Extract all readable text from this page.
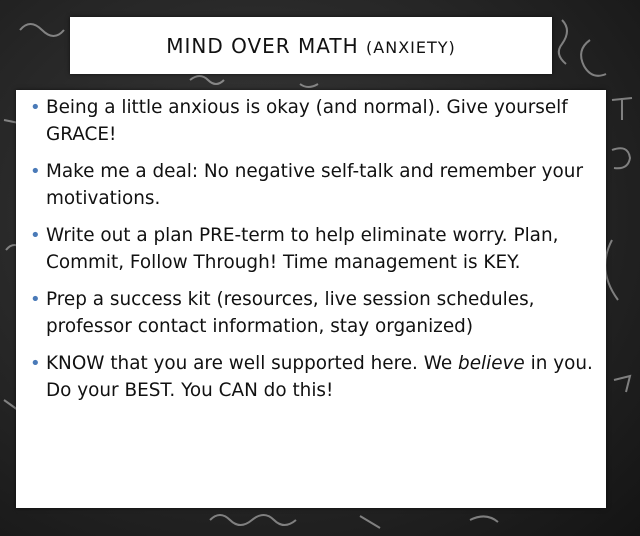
MIND OVER MATH (ANXIETY)
• Being a little anxious is okay (and normal). Give yourself GRACE!
• Make me a deal: No negative self-talk and remember your motivations.
• Write out a plan PRE-term to help eliminate worry. Plan, Commit, Follow Through! Time management is KEY.
• Prep a success kit (resources, live session schedules, professor contact information, stay organized)
• KNOW that you are well supported here. We believe in you. Do your BEST. You CAN do this!
